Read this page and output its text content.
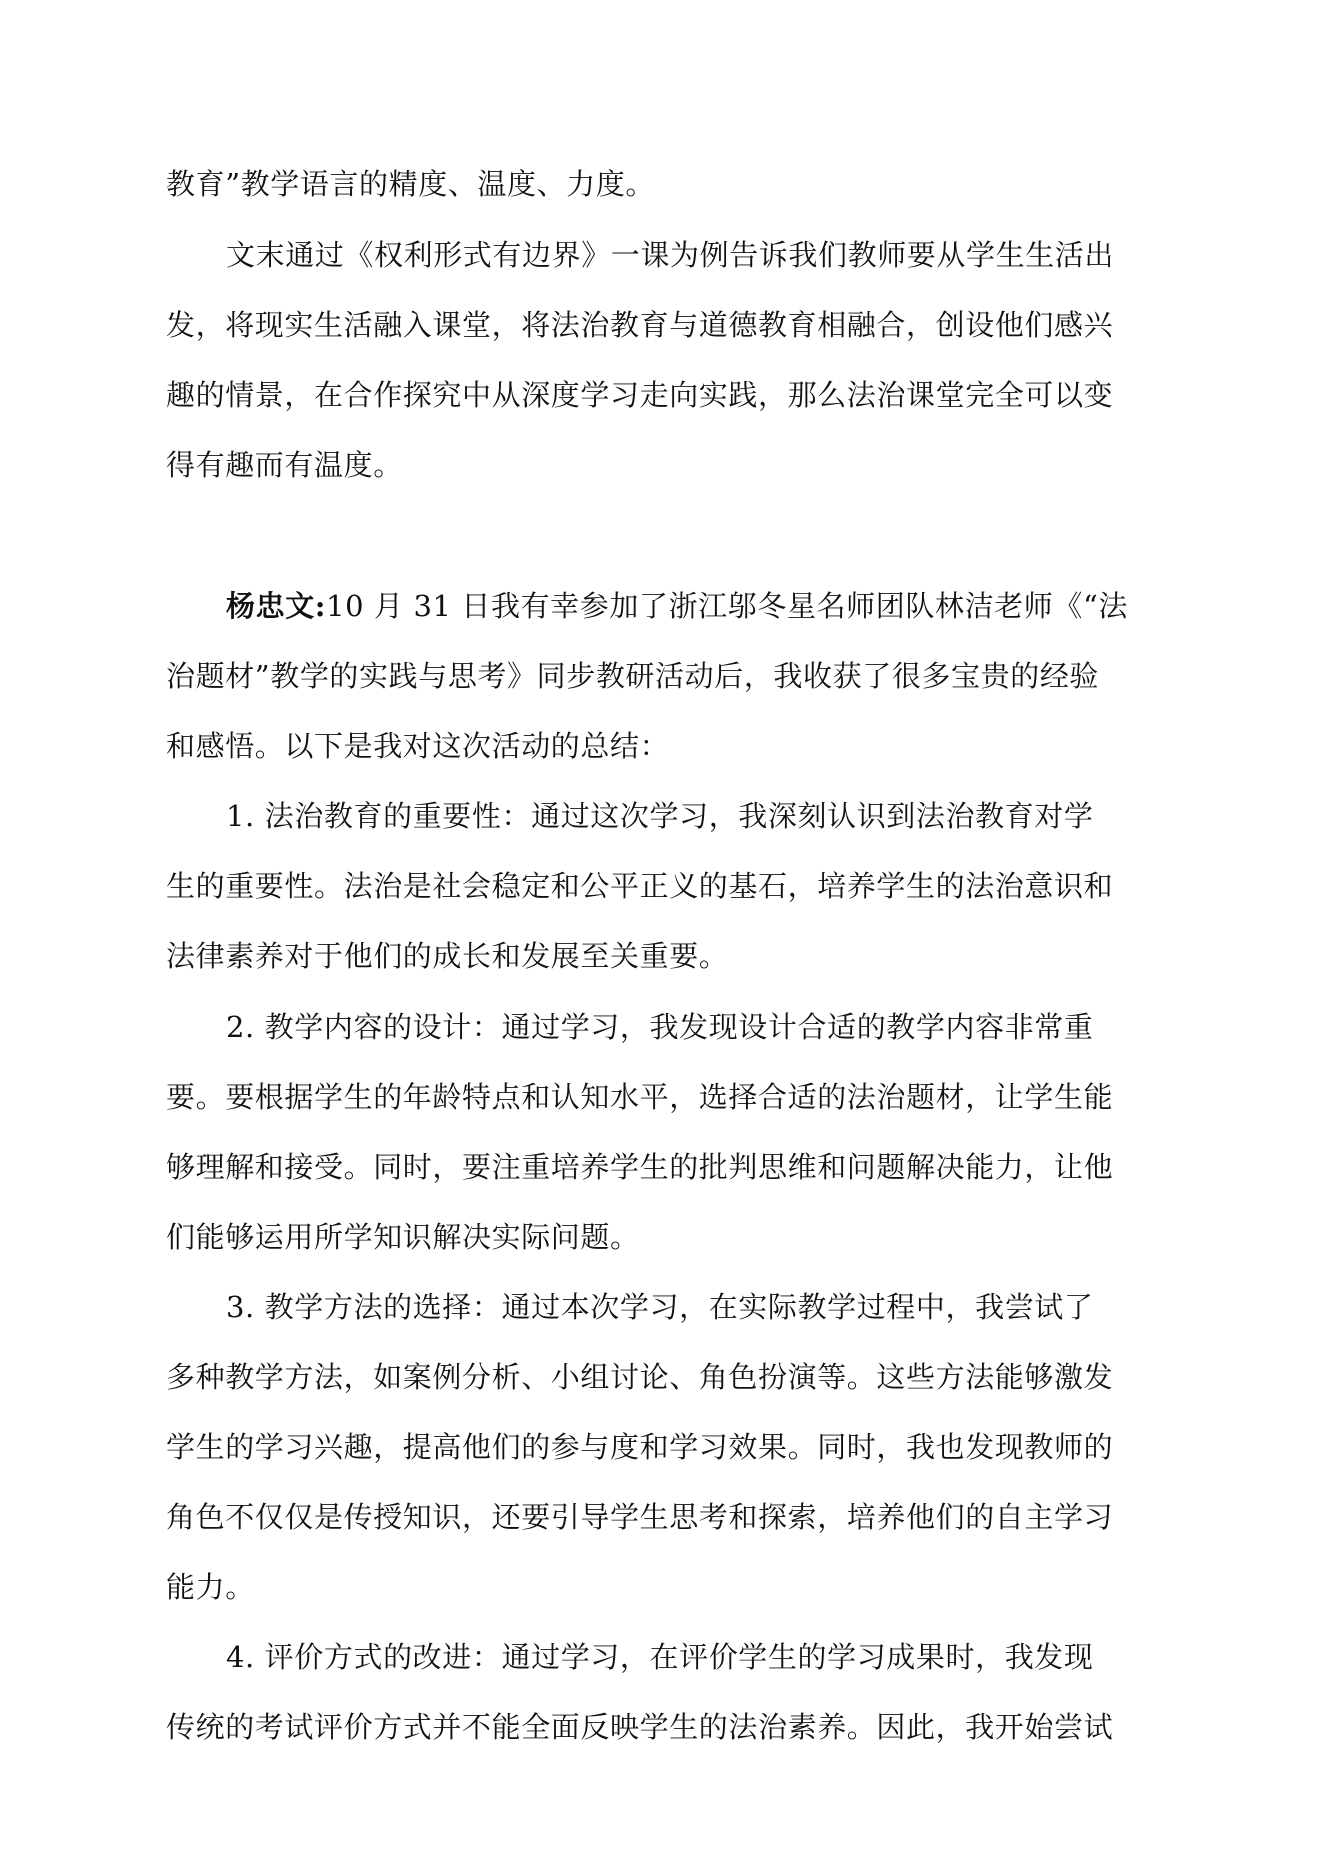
教育”教学语言的精度、温度、力度。
文末通过《权利形式有边界》一课为例告诉我们教师要从学生生活出
发，将现实生活融入课堂，将法治教育与道德教育相融合，创设他们感兴
趣的情景，在合作探究中从深度学习走向实践，那么法治课堂完全可以变
得有趣而有温度。
杨忠文:10 月 31 日我有幸参加了浙江邬冬星名师团队林洁老师《“法
治题材”教学的实践与思考》同步教研活动后，我收获了很多宝贵的经验
和感悟。以下是我对这次活动的总结：
1. 法治教育的重要性：通过这次学习，我深刻认识到法治教育对学
生的重要性。法治是社会稳定和公平正义的基石，培养学生的法治意识和
法律素养对于他们的成长和发展至关重要。
2. 教学内容的设计：通过学习，我发现设计合适的教学内容非常重
要。要根据学生的年龄特点和认知水平，选择合适的法治题材，让学生能
够理解和接受。同时，要注重培养学生的批判思维和问题解决能力，让他
们能够运用所学知识解决实际问题。
3. 教学方法的选择：通过本次学习，在实际教学过程中，我尝试了
多种教学方法，如案例分析、小组讨论、角色扮演等。这些方法能够激发
学生的学习兴趣，提高他们的参与度和学习效果。同时，我也发现教师的
角色不仅仅是传授知识，还要引导学生思考和探索，培养他们的自主学习
能力。
4. 评价方式的改进：通过学习，在评价学生的学习成果时，我发现
传统的考试评价方式并不能全面反映学生的法治素养。因此，我开始尝试
